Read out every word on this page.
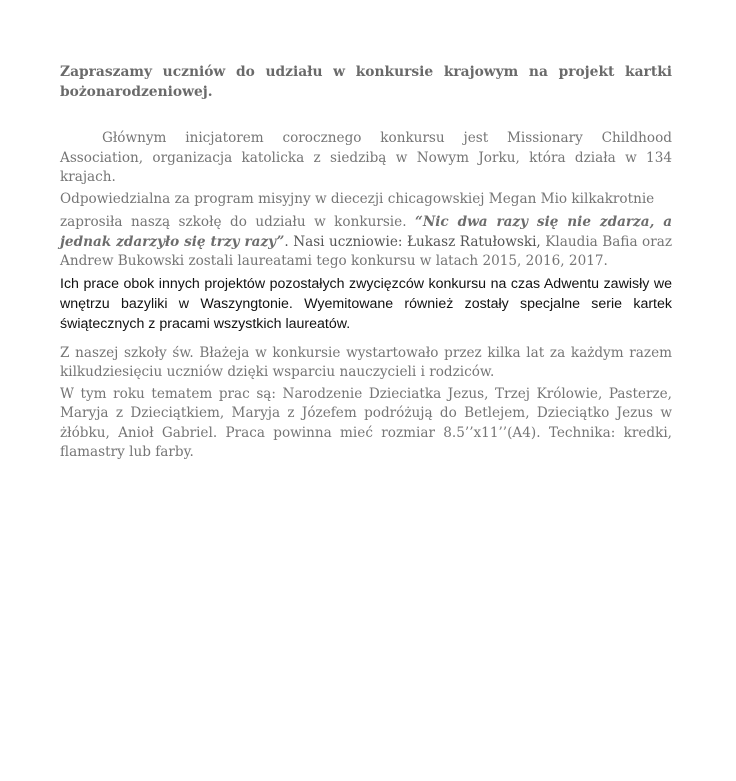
Zapraszamy uczniów do udziału w konkursie krajowym na projekt kartki bożonarodzeniowej.

Głównym inicjatorem corocznego konkursu jest Missionary Childhood Association, organizacja katolicka z siedzibą w Nowym Jorku, która działa w 134 krajach.

Odpowiedzialna za program misyjny w diecezji chicagowskiej Megan Mio kilkakrotnie

zaprosiła naszą szkołę do udziału w konkursie. “Nic dwa razy się nie zdarza, a jednak zdarzyło się trzy razy”. Nasi uczniowie: Łukasz Ratułowski, Klaudia Bafia oraz Andrew Bukowski zostali laureatami tego konkursu w latach 2015, 2016, 2017.

Ich prace obok innych projektów pozostałych zwycięzców konkursu na czas Adwentu zawisły we wnętrzu bazyliki w Waszyngtonie. Wyemitowane również zostały specjalne serie kartek świątecznych z pracami wszystkich laureatów.

Z naszej szkoły św. Błażeja w konkursie wystartowało przez kilka lat za każdym razem kilkudziesięciu uczniów dzięki wsparciu nauczycieli i rodziców.

W tym roku tematem prac są: Narodzenie Dzieciatka Jezus, Trzej Królowie, Pasterze, Maryja z Dzieciątkiem, Maryja z Józefem podróżują do Betlejem, Dzieciątko Jezus w żłóbku, Anioł Gabriel. Praca powinna mieć rozmiar 8.5’’x11’’(A4). Technika: kredki, flamastry lub farby.
